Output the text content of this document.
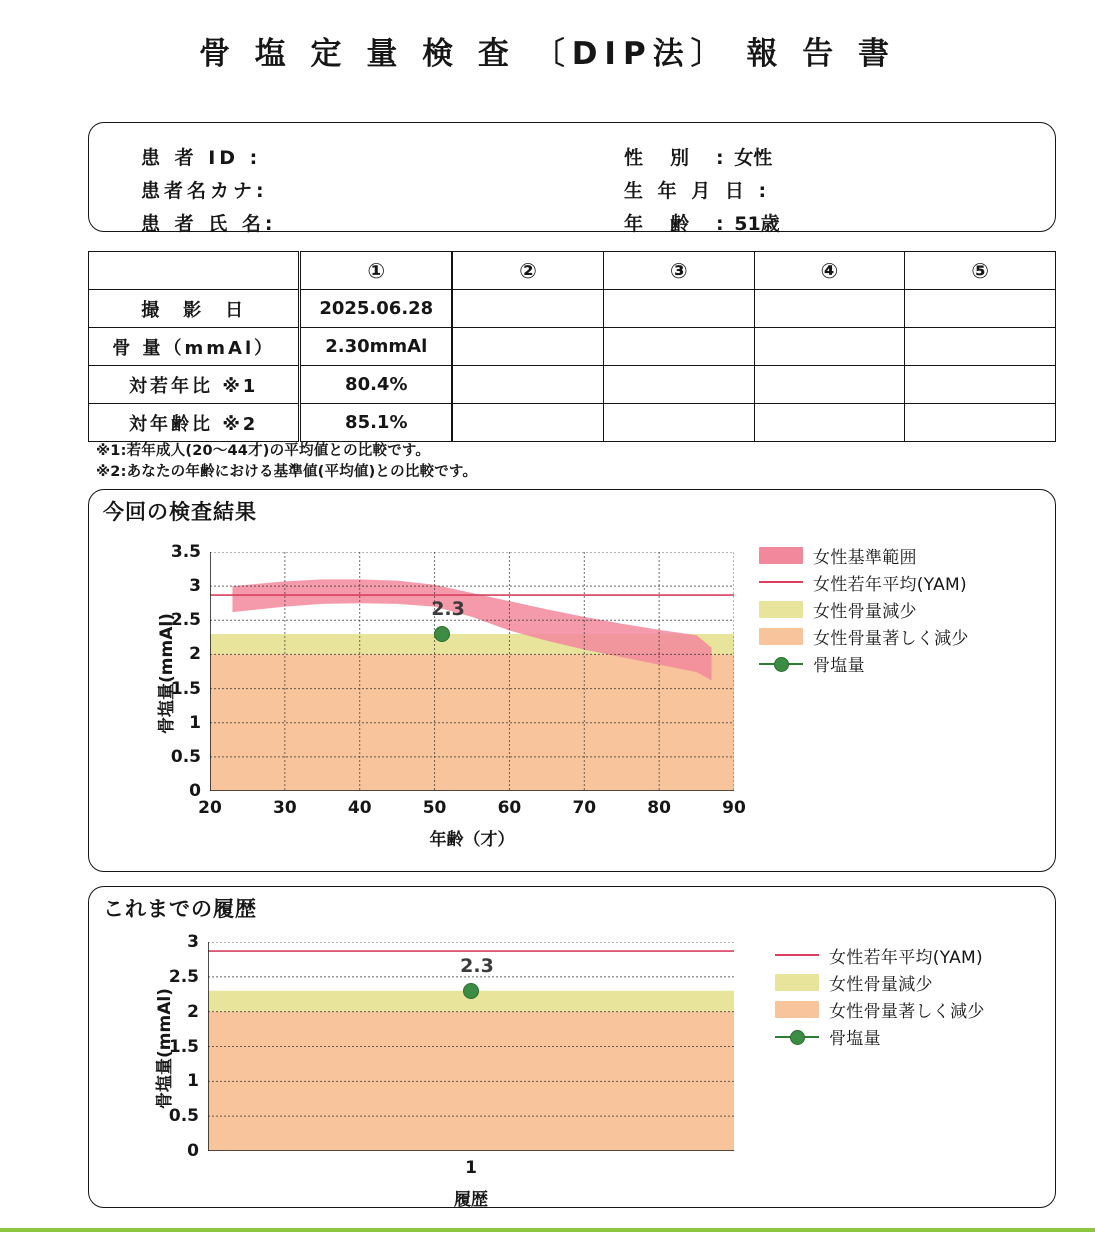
骨 塩 定 量 検 査 〔DIP法〕 報 告 書
患 者 ID :
患者名カナ:
患 者 氏 名:
性　別　: 女性
生 年 月 日 :
年　齢　: 51歳
	①	②	③	④	⑤
撮　影　日	2025.06.28				
骨 量（mmAl）	2.30mmAl				
対若年比 ※1	80.4%				
対年齢比 ※2	85.1%				
※1:若年成人(20～44才)の平均値との比較です。
※2:あなたの年齢における基準値(平均値)との比較です。
今回の検査結果
0
0.5
1
1.5
2
2.5
3
3.5
20	30	40	50	60	70	80	90
骨塩量(mmAl)
年齢（才）
2.3
女性基準範囲
女性若年平均(YAM)
女性骨量減少
女性骨量著しく減少
骨塩量
これまでの履歴
0
0.5
1
1.5
2
2.5
3
1
骨塩量(mmAl)
履歴
2.3	女性若年平均(YAM)
女性骨量減少
女性骨量著しく減少
骨塩量
